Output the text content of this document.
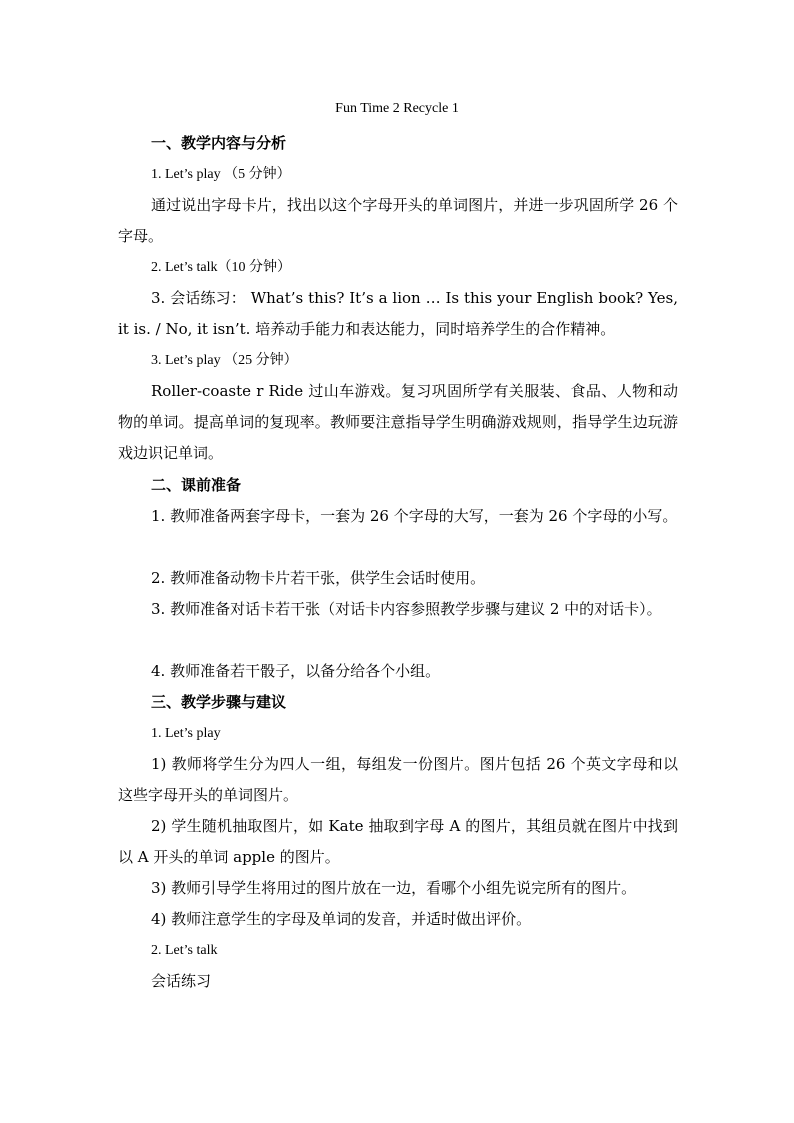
Fun Time 2 Recycle 1
一、教学内容与分析
1. Let’s play （5 分钟）
通过说出字母卡片，找出以这个字母开头的单词图片，并进一步巩固所学 26 个字母。
2. Let’s talk（10 分钟）
3. 会话练习： What’s this? It’s a lion … Is this your English book? Yes, it is. / No, it isn’t. 培养动手能力和表达能力，同时培养学生的合作精神。
3. Let’s play （25 分钟）
Roller-coaste r Ride 过山车游戏。复习巩固所学有关服装、食品、人物和动物的单词。提高单词的复现率。教师要注意指导学生明确游戏规则，指导学生边玩游戏边识记单词。
二、课前准备
1. 教师准备两套字母卡，一套为 26 个字母的大写，一套为 26 个字母的小写。
2. 教师准备动物卡片若干张，供学生会话时使用。
3. 教师准备对话卡若干张（对话卡内容参照教学步骤与建议 2 中的对话卡）。
4. 教师准备若干骰子，以备分给各个小组。
三、教学步骤与建议
1. Let’s play
1) 教师将学生分为四人一组，每组发一份图片。图片包括 26 个英文字母和以这些字母开头的单词图片。
2) 学生随机抽取图片，如 Kate 抽取到字母 A 的图片，其组员就在图片中找到以 A 开头的单词 apple 的图片。
3) 教师引导学生将用过的图片放在一边，看哪个小组先说完所有的图片。
4) 教师注意学生的字母及单词的发音，并适时做出评价。
2. Let’s talk
会话练习
